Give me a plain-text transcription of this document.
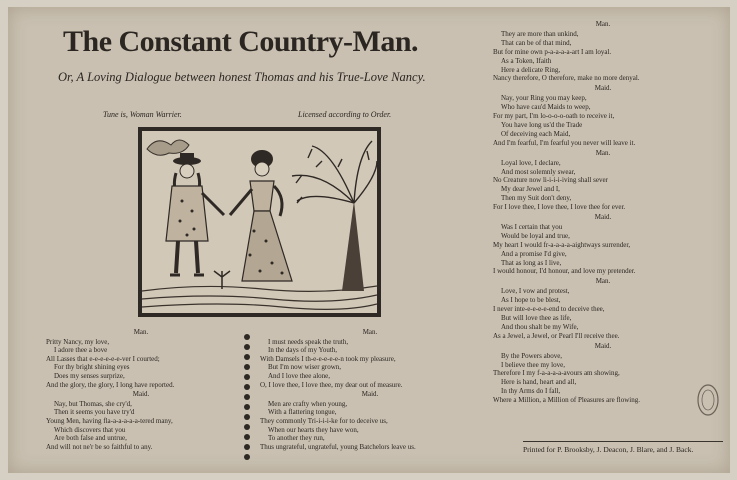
The Constant Country-Man.
Or, A Loving Dialogue between honest Thomas and his True-Love Nancy.
Tune is, Woman Warrier.	Licensed according to Order.
Man.
Pritty Nancy, my love,
I adore thee a bove
All Lasses that e-e-e-e-e-e-ver I courted;
For thy bright shining eyes
Does my senses surprize,
And the glory, the glory, I long have reported.
Maid.
Nay, but Thomas, she cry'd,
Then it seems you have try'd
Young Men, having fla-a-a-a-a-a-tered many,
Which discovers that you
Are both false and untrue,
And will not ne'r be so faithful to any.
Man.
I must needs speak the truth,
In the days of my Youth,
With Damsels I th-e-e-e-e-e-n took my pleasure,
But I'm now wiser grown,
And I love thee alone,
O, I love thee, I love thee, my dear out of measure.
Maid.
Men are crafty when young,
With a flattering tongue,
They commonly Tri-i-i-i-ke for to deceive us,
When our hearts they have won,
To another they run,
Thus ungrateful, ungrateful, young Batchelors leave us.
Man.
They are more than unkind,
That can be of that mind,
But for mine own p-a-a-a-a-art I am loyal.
As a Token, Ifaith
Here a delicate Ring,
Nancy therefore, O therefore, make no more denyal.
Maid.
Nay, your Ring you may keep,
Who have cau'd Maids to weep,
For my part, I'm lo-o-o-o-oath to receive it,
You have long us'd the Trade
Of deceiving each Maid,
And I'm fearful, I'm fearful you never will leave it.
Man.
Loyal love, I declare,
And most solemnly swear,
No Creature now li-i-i-i-iving shall sever
My dear Jewel and I,
Then my Suit don't deny,
For I love thee, I love thee, I love thee for ever.
Maid.
Was I certain that you
Would be loyal and true,
My heart I would fr-a-a-a-a-aightways surrender,
And a promise I'd give,
That as long as I live,
I would honour, I'd honour, and love my pretender.
Man.
Love, I vow and protest,
As I hope to be blest,
I never inte-e-e-e-e-end to deceive thee,
But will love thee as life,
And thou shalt be my Wife,
As a Jewel, a Jewel, or Pearl I'll receive thee.
Maid.
By the Powers above,
I believe thee my love,
Therefore I my f-a-a-a-a-avours am showing,
Here is hand, heart and all,
In thy Arms do I fall,
Where a Million, a Million of Pleasures are flowing.
Printed for P. Brooksby, J. Deacon, J. Blare, and J. Back.
